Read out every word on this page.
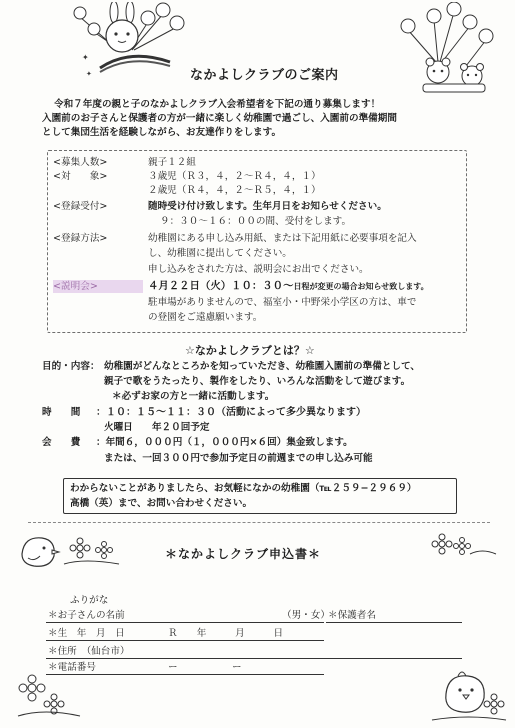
✦
✦	なかよしクラブのご案内
令和７年度の親と子のなかよしクラブ入会希望者を下記の通り募集します！
入園前のお子さんと保護者の方が一緒に楽しく幼稚園で過ごし、入園前の準備期間
として集団生活を経験しながら、お友達作りをします。
<募集人数>	親子１２組
<対　　象>	３歳児（Ｒ３，４，２〜Ｒ４，４，１）
２歳児（Ｒ４，４，２〜Ｒ５，４，１）
<登録受付>	随時受け付け致します。生年月日をお知らせください。
９：３０〜１６：００の間、受付をします。
<登録方法>	幼稚園にある申し込み用紙、または下記用紙に必要事項を記入
し、幼稚園に提出してください。
申し込みをされた方は、説明会にお出でください。
<説明会>	４月２２日（火）１０：３０〜日程が変更の場合お知らせ致します。
駐車場がありませんので、福室小・中野栄小学区の方は、車で
の登園をご遠慮願います。
☆なかよしクラブとは？☆
目的・内容： 幼稚園がどんなところかを知っていただき、幼稚園入園前の準備として、
親子で歌をうたったり、製作をしたり、いろんな活動をして遊びます。
＊必ずお家の方と一緒に活動します。
時　　間 ：１０：１５〜１１：３０（活動によって多少異なります）
火曜日　　年２０回予定
会　　費 ：年間６，０００円（１，０００円×６回）集金致します。
または、一回３００円で参加予定日の前週までの申し込み可能
わからないことがありましたら、お気軽になかの幼稚園（℡２５９−２９６９）
高橋（英）まで、お問い合わせください。
＊なかよしクラブ申込書＊
ふりがな
＊お子さんの名前	（男・女）
＊保護者名
＊生　年　月　日	Ｒ　　年　　　月　　　日
＊住所　（仙台市）
＊電話番号	ー	ー
